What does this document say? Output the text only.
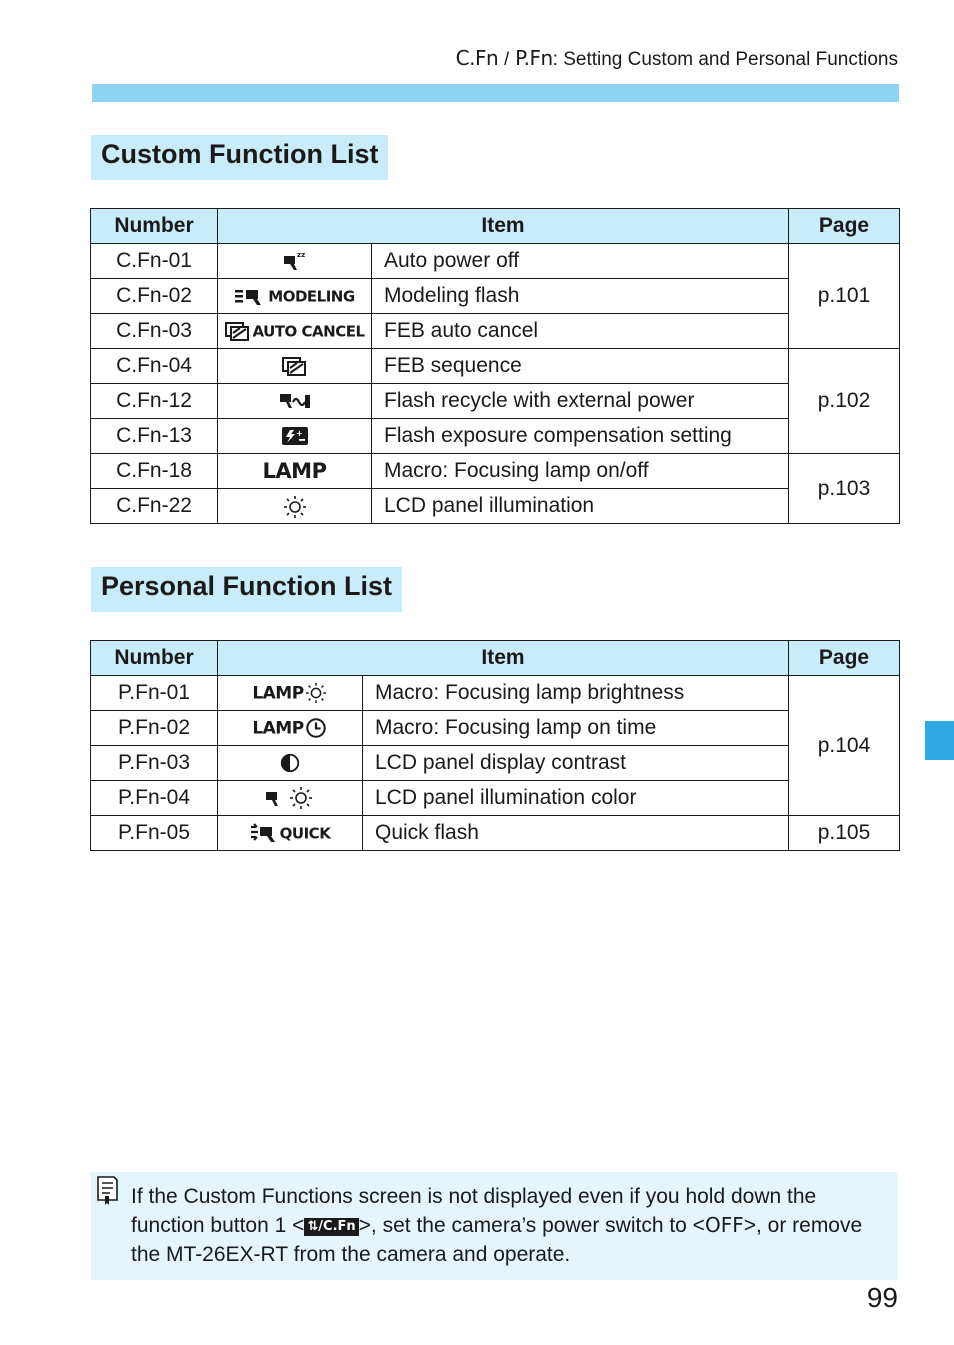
C.Fn / P.Fn: Setting Custom and Personal Functions
Custom Function List
Number	Item		Page
C.Fn-01	zz	Auto power off	p.101
C.Fn-02	MODELING	Modeling flash	
C.Fn-03	AUTO CANCEL	FEB auto cancel	
C.Fn-04		FEB sequence	p.102
C.Fn-12		Flash recycle with external power	
C.Fn-13	+	Flash exposure compensation setting	
C.Fn-18	LAMP	Macro: Focusing lamp on/off	p.103
C.Fn-22		LCD panel illumination	
Personal Function List
Number	Item		Page
P.Fn-01	LAMP	Macro: Focusing lamp brightness	p.104
P.Fn-02	LAMP	Macro: Focusing lamp on time	
P.Fn-03		LCD panel display contrast	
P.Fn-04		LCD panel illumination color	
P.Fn-05	QUICK	Quick flash	p.105
If the Custom Functions screen is not displayed even if you hold down the function button 1 < ⇅/C.Fn >, set the camera’s power switch to <OFF>, or remove the MT-26EX-RT from the camera and operate.
99
